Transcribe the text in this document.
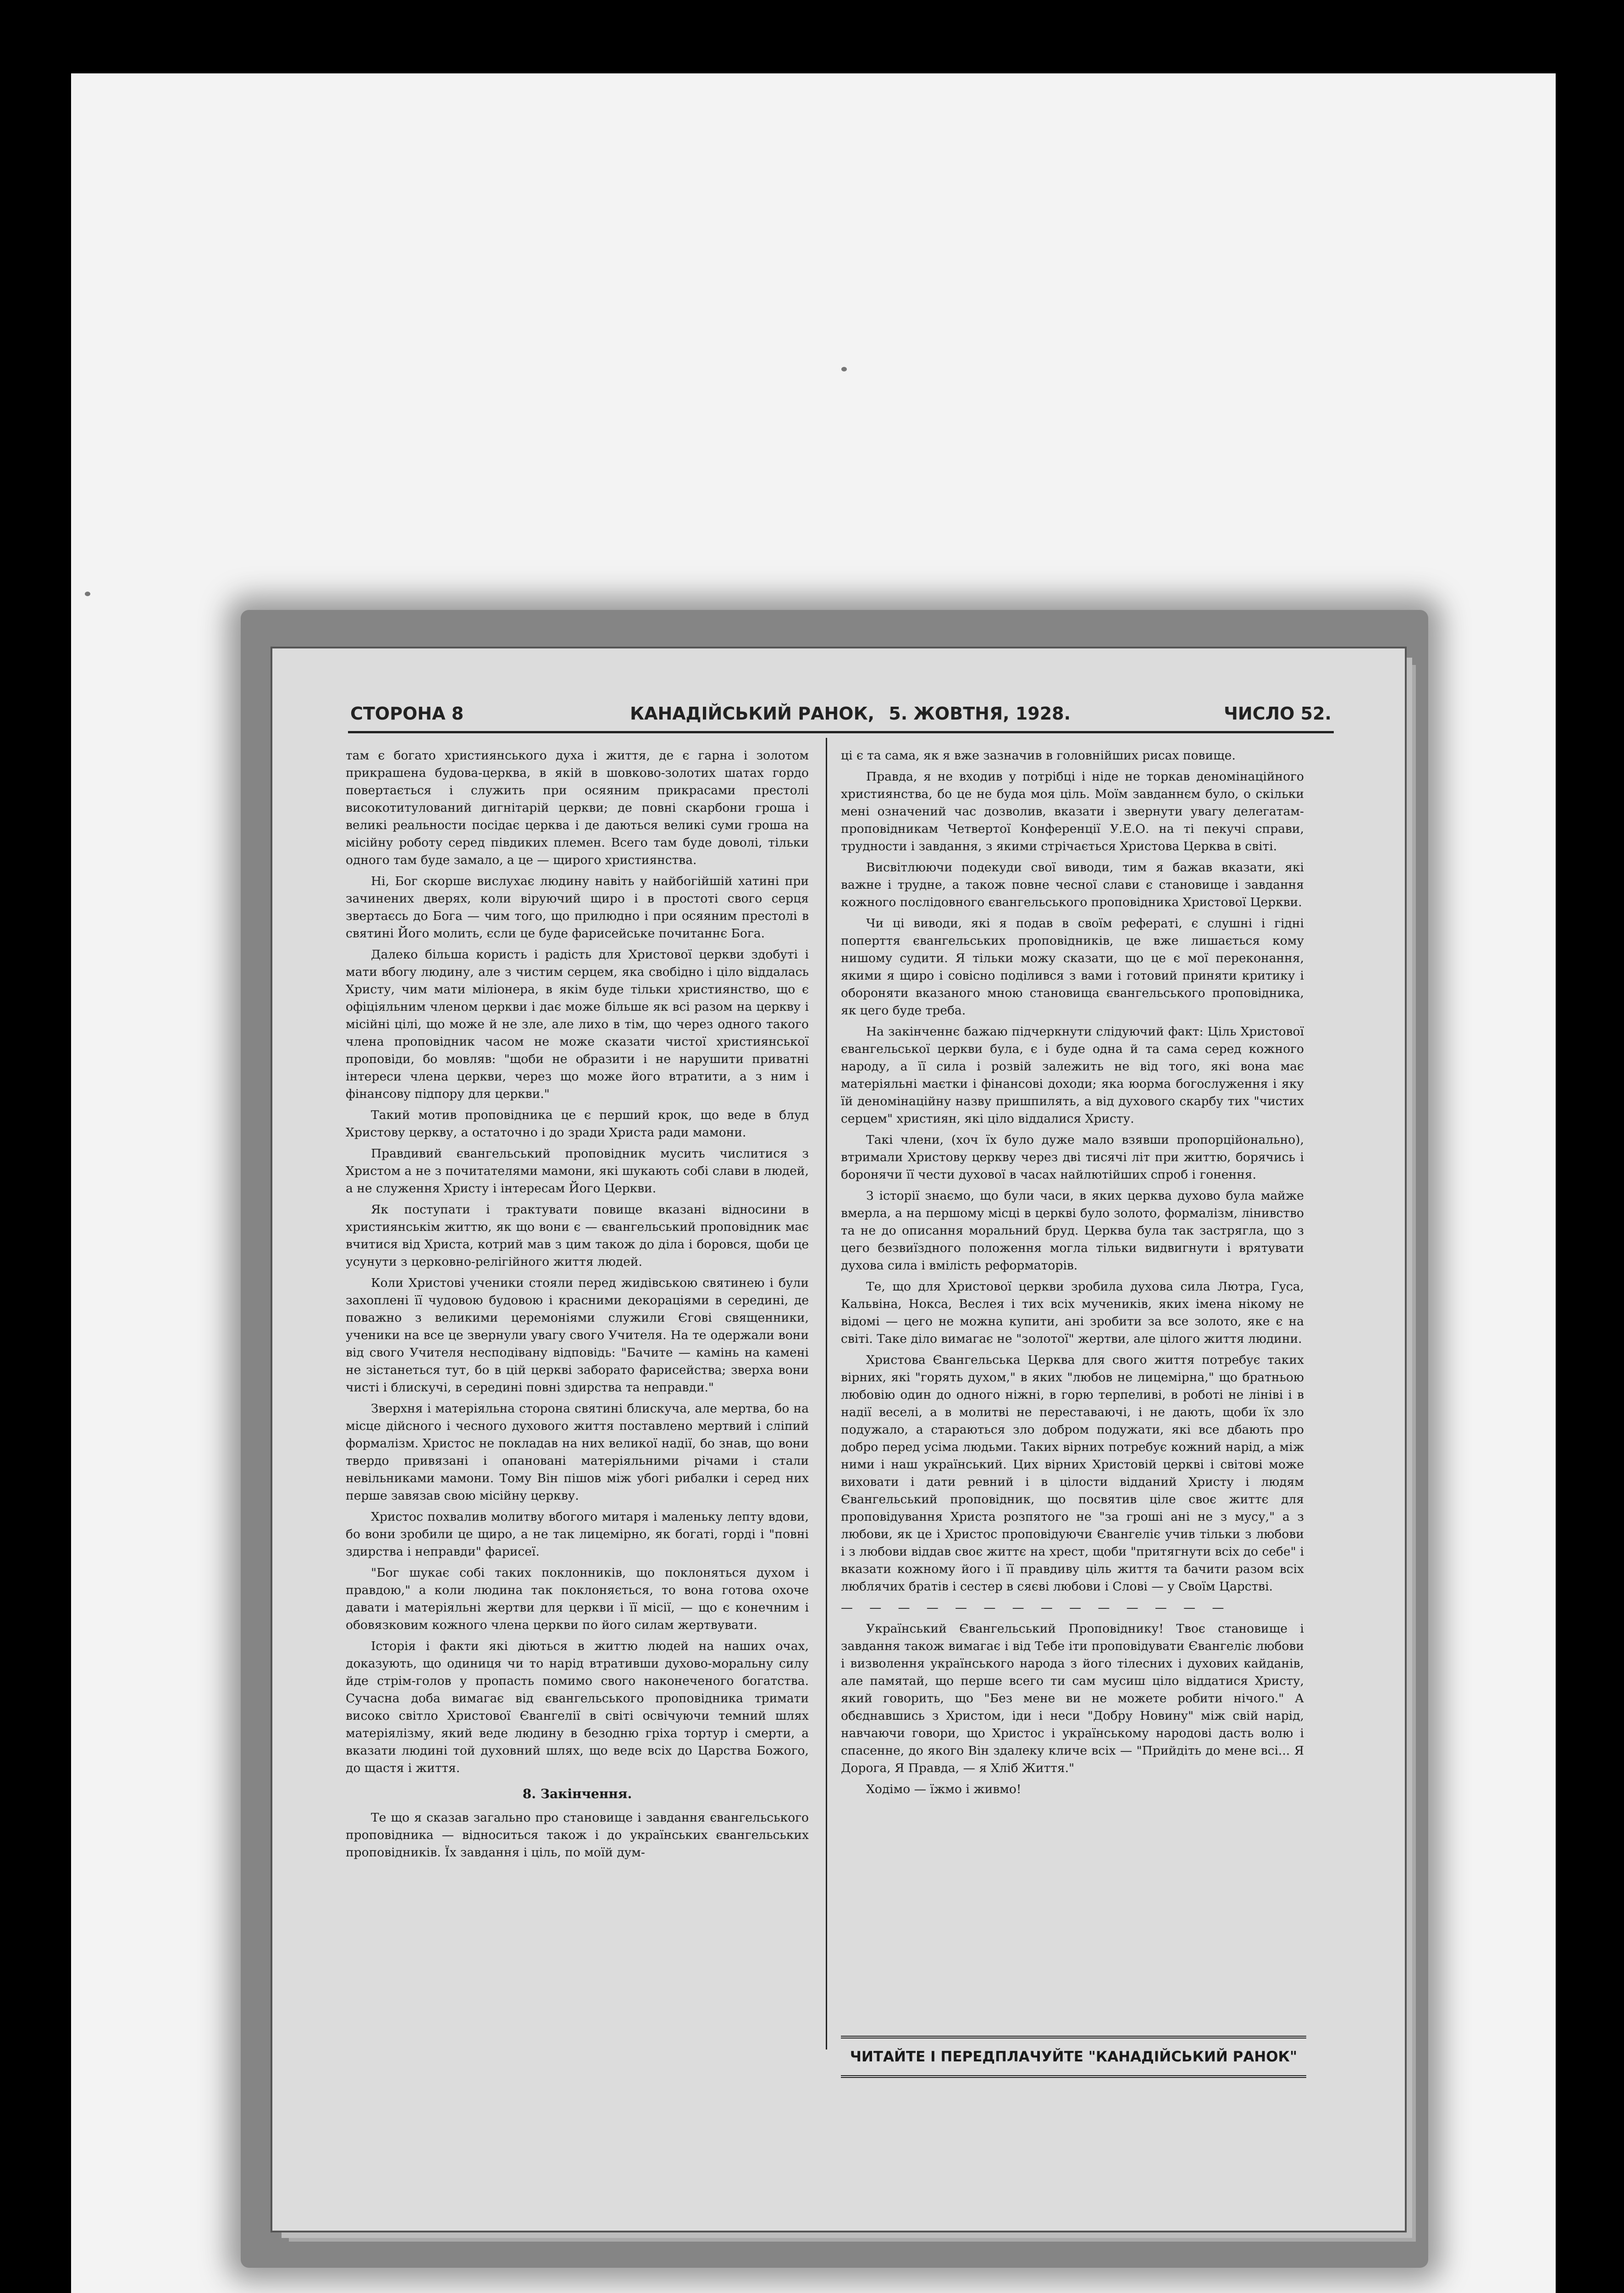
СТОРОНА 8	КАНАДІЙСЬКИЙ РАНОК, 5. ЖОВТНЯ, 1928.	ЧИСЛО 52.

там є богато християнського духа і життя, де є гарна і золотом прикрашена будова-церква, в якій в шовково-золотих шатах гордо повертається і служить при осяяним прикрасами престолі високотитулований дигнітарій церкви; де повні скарбони гроша і великі реальности посідає церква і де даються великі суми гроша на місійну роботу серед півдиких племен. Всего там буде доволі, тільки одного там буде замало, а це — щирого християнства.

Ні, Бог скорше вислухає людину навіть у найбогійшій хатині при зачинених дверях, коли віруючий щиро і в простоті свого серця звертаєсь до Бога — чим того, що прилюдно і при осяяним престолі в святині Його молить, єсли це буде фарисейське почитаннє Бога.

Далеко більша користь і радість для Христової церкви здобуті і мати вбогу людину, але з чистим серцем, яка свобідно і цілo віддалась Христу, чим мати міліонера, в якім буде тільки християнство, що є офіціяльним членом церкви і дає може більше як всі разом на церкву і місійні цілі, що може й не зле, але лихо в тім, що через одного такого члена проповідник часом не може сказати чистої християнської проповіди, бо мовляв: "щоби не образити і не нарушити приватні інтереси члена церкви, через що може його втратити, а з ним і фінансову підпору для церкви."

Такий мотив проповідника це є перший крок, що веде в блуд Христову церкву, а остаточно і до зради Христа ради мамони.

Правдивий євангельський проповідник мусить числитися з Христом а не з почитателями мамони, які шукають собі слави в людей, а не служення Христу і інтересам Його Церкви.

Як поступати і трактувати повище вказані відносини в християнськім життю, як що вони є — євангельський проповідник має вчитися від Христа, котрий мав з цим також до діла і боровся, щоби це усунути з церковно-релігійного життя людей.

Коли Христові ученики стояли перед жидівською святинею і були захоплені її чудовою будовою і красними декораціями в середині, де поважно з великими церемоніями служили Єгові священники, ученики на все це звернули увагу свого Учителя. На те одержали вони від свого Учителя несподівану відповідь: "Бачите — камінь на камені не зістанеться тут, бо в цій церкві заборато фарисейства; зверха вони чисті і блискучі, в середині повні здирства та неправди."

Зверхня і матеріяльна сторона святині блискуча, але мертва, бо на місце дійсного і чесного духового життя поставлено мертвий і сліпий формалізм. Христос не покладав на них великої надії, бо знав, що вони твердо привязані і опановані матеріяльними річами і стали невільниками мамони. Тому Він пішов між убогі рибалки і серед них перше завязав свою місійну церкву.

Христос похвалив молитву вбогого митаря і маленьку лепту вдови, бо вони зробили це щиро, а не так лицемірно, як богаті, горді і "повні здирства і неправди" фарисеї.

"Бог шукає собі таких поклонників, що поклоняться духом і правдою," а коли людина так поклоняється, то вона готова охоче давати і матеріяльні жертви для церкви і її місії, — що є конечним і обовязковим кожного члена церкви по його силам жертвувати.

Історія і факти які діються в життю людей на наших очах, доказують, що одиниця чи то нарід втративши духово-моральну силу йде стрім-голов у пропасть помимо свого наконеченого богатства. Сучасна доба вимагає від євангельського проповідника тримати високо світло Христової Євангелії в світі освічуючи темний шлях матеріялізму, який веде людину в безодню гріха тортур і смерти, а вказати людині той духовний шлях, що веде всіх до Царства Божого, до щастя і життя.

8. Закінчення.

Те що я сказав загально про становище і завдання євангельського проповідника — відноситься також і до українських євангельських проповідників. Їх завдання і ціль, по моїй дум-

ці є та сама, як я вже зазначив в головнійших рисах повище.

Правда, я не входив у потрібці і ніде не торкав деномінаційного християнства, бо це не буда моя ціль. Моїм завданнєм було, о скільки мені означений час дозволив, вказати і звернути увагу делегатам-проповідникам Четвертої Конференції У.Е.О. на ті пекучі справи, трудности і завдання, з якими стрічається Христова Церква в світі.

Висвітлюючи подекуди свої виводи, тим я бажав вказати, які важне і трудне, а також повне чесної слави є становище і завдання кожного послідовного євангельського проповідника Христової Церкви.

Чи ці виводи, які я подав в своїм рефераті, є слушні і гідні поперття євангельських проповідників, це вже лишається кому нишому судити. Я тільки можу сказати, що це є мої переконання, якими я щиро і совісно поділився з вами і готовий приняти критику і обороняти вказаного мною становища євангельського проповідника, як цего буде треба.

На закінченнє бажаю підчеркнути слідуючий факт: Ціль Христової євангельської церкви була, є і буде одна й та сама серед кожного народу, а її сила і розвій залежить не від того, які вона має матеріяльні маєтки і фінансові доходи; яка юорма богослуження і яку їй деномінаційну назву пришпилять, а від духового скарбу тих "чистих серцем" християн, які цілo віддалися Христу.

Такі члени, (хоч їх було дуже мало взявши пропорційонально), втримали Христову церкву через дві тисячі літ при життю, борячись і боронячи її чести духової в часах найлютійших спроб і гонення.

З історії знаємо, що були часи, в яких церква духово була майже вмерла, а на першому місці в церкві було золото, формалізм, лінивство та не до описання моральний бруд. Церква була так застрягла, що з цего безвиїздного положення могла тільки видвигнути і врятувати духова сила і вмілість реформаторів.

Те, що для Христової церкви зробила духова сила Лютра, Гуса, Кальвіна, Нокса, Веслея і тих всіх мучеників, яких імена нікому не відомі — цего не можна купити, ані зробити за все золото, яке є на світі. Таке діло вимагає не "золотої" жертви, але цілого життя людини.

Христова Євангельська Церква для свого життя потребує таких вірних, які "горять духом," в яких "любов не лицемірна," що братньою любовію один до одного ніжні, в горю терпеливі, в роботі не лініві і в надії веселі, а в молитві не переставаючі, і не дають, щоби їх зло подужало, а стараються зло добром подужати, які все дбають про добро перед усіма людьми. Таких вірних потребує кожний нарід, а між ними і наш український. Цих вірних Христовій церкві і світові може виховати і дати ревний і в цілости відданий Христу і людям Євангельський проповідник, що посвятив ціле своє життє для проповідування Христа розпятого не "за гроші ані не з мусу," а з любови, як це і Христос проповідуючи Євангеліє учив тільки з любови і з любови віддав своє життє на хрест, щоби "притягнути всіх до себе" і вказати кожному його і її правдиву ціль життя та бачити разом всіх люблячих братів і сестер в сяєві любови і Слові — у Своїм Царстві.

— — — — — — — — — — — — — —

Український Євангельський Проповіднику! Твоє становище і завдання також вимагає і від Тебе іти проповідувати Євангеліє любови і визволення українського народа з його тілесних і духових кайданів, але памятай, що перше всего ти сам мусиш цілo віддатися Христу, який говорить, що "Без мене ви не можете робити нічого." А обєднавшись з Христом, іди і неси "Добру Новину" між свій нарід, навчаючи говори, що Христос і українському народові дасть волю і спасенне, до якого Він здалеку кличе всіх — "Прийдіть до мене всі... Я Дорога, Я Правда, — я Хліб Життя."

Ходімо — їжмо і живмо!

ЧИТАЙТЕ І ПЕРЕДПЛАЧУЙТЕ "КАНАДІЙСЬКИЙ РАНОК"
